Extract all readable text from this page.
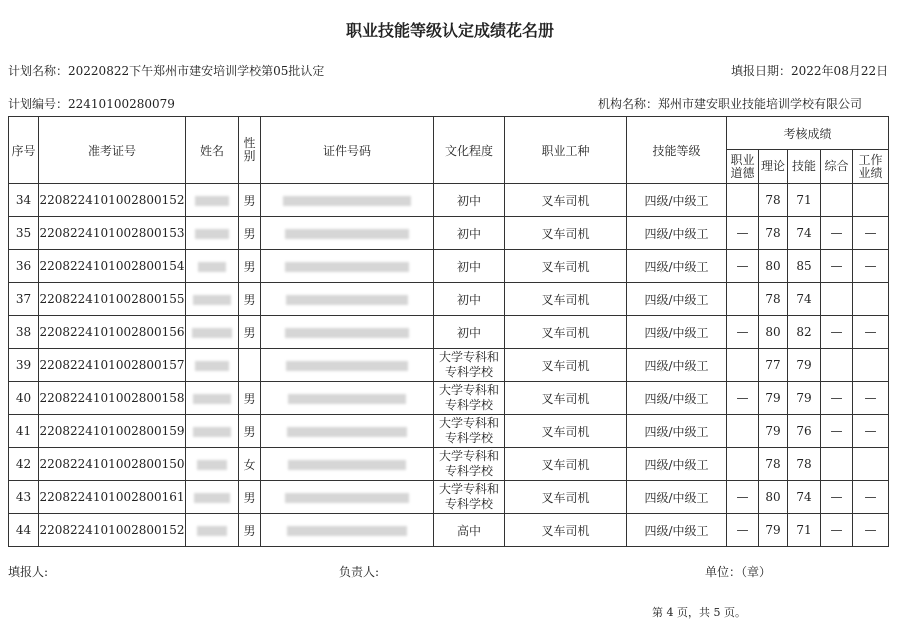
职业技能等级认定成绩花名册
计划名称：20220822下午郑州市建安培训学校第05批认定	填报日期：2022年08月22日
计划编号：22410100280079	机构名称：郑州市建安职业技能培训学校有限公司
序号	准考证号	姓名	性别	证件号码	文化程度	职业工种	技能等级	考核成绩				
								职业道德	理论	技能	综合	工作业绩
34	220822410100280015​2		男		初中	叉车司机	四级/中级工		78	71		
35	2208224101002800153		男		初中	叉车司机	四级/中级工	—	78	74	—	—
36	2208224101002800154		男		初中	叉车司机	四级/中级工	—	80	85	—	—
37	2208224101002800155		男		初中	叉车司机	四级/中级工		78	74		
38	2208224101002800156		男		初中	叉车司机	四级/中级工	—	80	82	—	—
39	2208224101002800157				大学专科和专科学校	叉车司机	四级/中级工		77	79		
40	2208224101002800158		男		大学专科和专科学校	叉车司机	四级/中级工	—	79	79	—	—
41	2208224101002800159		男		大学专科和专科学校	叉车司机	四级/中级工		79	76	—	—
42	2208224101002800150		女		大学专科和专科学校	叉车司机	四级/中级工		78	78		
43	2208224101002800161		男		大学专科和专科学校	叉车司机	四级/中级工	—	80	74	—	—
44	2208224101002800152		男		高中	叉车司机	四级/中级工	—	79	71	—	—
填报人:	负责人:	单位：（章）
第 4 页，共 5 页。
